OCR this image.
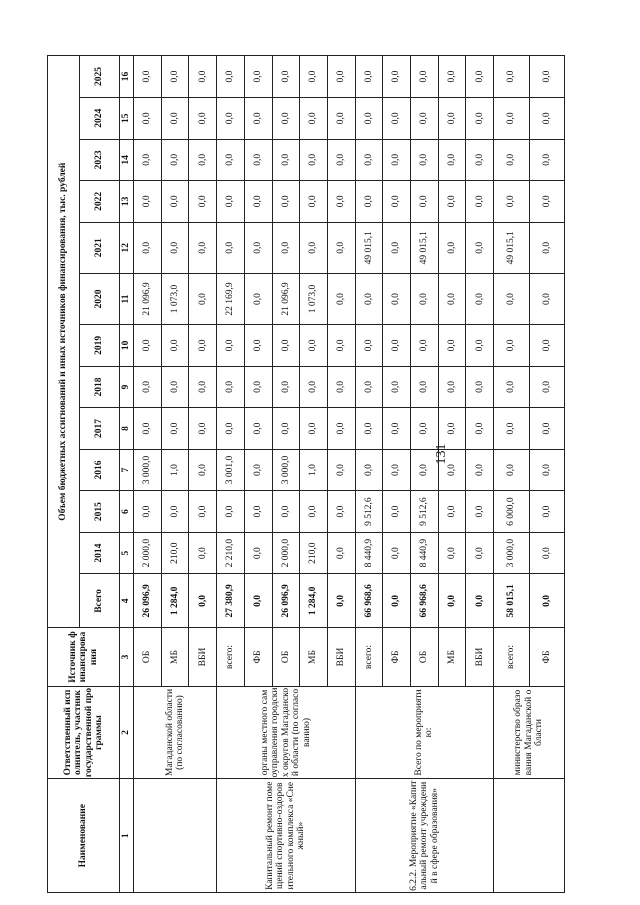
131
Наименование	Ответственный исполнитель, участник государственной программы	Источник финансирования	Объем бюджетных ассигнований и иных источников финансирования, тыс. рублей												
			Всего	2014	2015	2016	2017	2018	2019	2020	2021	2022	2023	2024	2025
1	2	3	4	5	6	7	8	9	10	11	12	13	14	15	16
	Магаданской области (по согласованию)	ОБ	26 096,9	2 000,0	0,0	3 000,0	0,0	0,0	0,0	21 096,9	0,0	0,0	0,0	0,0	0,0
		МБ	1 284,0	210,0	0,0	1,0	0,0	0,0	0,0	1 073,0	0,0	0,0	0,0	0,0	0,0
		ВБИ	0,0	0,0	0,0	0,0	0,0	0,0	0,0	0,0	0,0	0,0	0,0	0,0	0,0
Капитальный ремонт помещений спортивно-оздоровительного комплекса «Снежный»	органы местного самоуправления городских округов Магаданской области (по согласованию)	всего:	27 380,9	2 210,0	0,0	3 001,0	0,0	0,0	0,0	22 169,9	0,0	0,0	0,0	0,0	0,0
		ФБ	0,0	0,0	0,0	0,0	0,0	0,0	0,0	0,0	0,0	0,0	0,0	0,0	0,0
		ОБ	26 096,9	2 000,0	0,0	3 000,0	0,0	0,0	0,0	21 096,9	0,0	0,0	0,0	0,0	0,0
		МБ	1 284,0	210,0	0,0	1,0	0,0	0,0	0,0	1 073,0	0,0	0,0	0,0	0,0	0,0
		ВБИ	0,0	0,0	0,0	0,0	0,0	0,0	0,0	0,0	0,0	0,0	0,0	0,0	0,0
6.2.2. Мероприятие «Капитальный ремонт учреждений в сфере образования»	Всего по мероприятию:	всего:	66 968,6	8 440,9	9 512,6	0,0	0,0	0,0	0,0	0,0	49 015,1	0,0	0,0	0,0	0,0
		ФБ	0,0	0,0	0,0	0,0	0,0	0,0	0,0	0,0	0,0	0,0	0,0	0,0	0,0
		ОБ	66 968,6	8 440,9	9 512,6	0,0	0,0	0,0	0,0	0,0	49 015,1	0,0	0,0	0,0	0,0
		МБ	0,0	0,0	0,0	0,0	0,0	0,0	0,0	0,0	0,0	0,0	0,0	0,0	0,0
		ВБИ	0,0	0,0	0,0	0,0	0,0	0,0	0,0	0,0	0,0	0,0	0,0	0,0	0,0
	министерство образования Магаданской области	всего:	58 015,1	3 000,0	6 000,0	0,0	0,0	0,0	0,0	0,0	49 015,1	0,0	0,0	0,0	0,0
		ФБ	0,0	0,0	0,0	0,0	0,0	0,0	0,0	0,0	0,0	0,0	0,0	0,0	0,0
